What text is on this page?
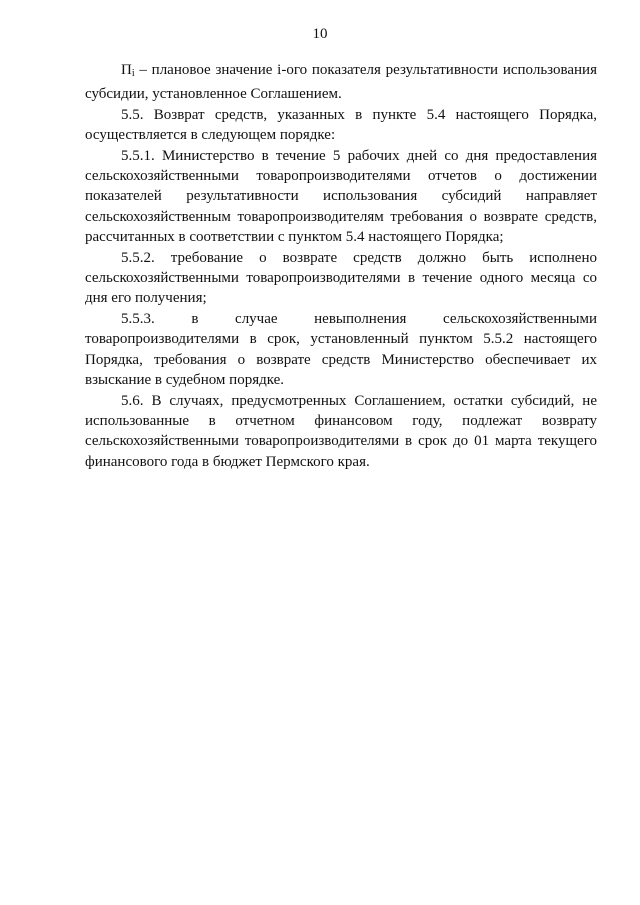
10

Пi – плановое значение i-ого показателя результативности использования субсидии, установленное Соглашением.

5.5. Возврат средств, указанных в пункте 5.4 настоящего Порядка, осуществляется в следующем порядке:

5.5.1. Министерство в течение 5 рабочих дней со дня предоставления сельскохозяйственными товаропроизводителями отчетов о достижении показателей результативности использования субсидий направляет сельскохозяйственным товаропроизводителям требования о возврате средств, рассчитанных в соответствии с пунктом 5.4 настоящего Порядка;

5.5.2. требование о возврате средств должно быть исполнено сельскохозяйственными товаропроизводителями в течение одного месяца со дня его получения;

5.5.3. в случае невыполнения сельскохозяйственными товаропроизводителями в срок, установленный пунктом 5.5.2 настоящего Порядка, требования о возврате средств Министерство обеспечивает их взыскание в судебном порядке.

5.6. В случаях, предусмотренных Соглашением, остатки субсидий, не использованные в отчетном финансовом году, подлежат возврату сельскохозяйственными товаропроизводителями в срок до 01 марта текущего финансового года в бюджет Пермского края.
